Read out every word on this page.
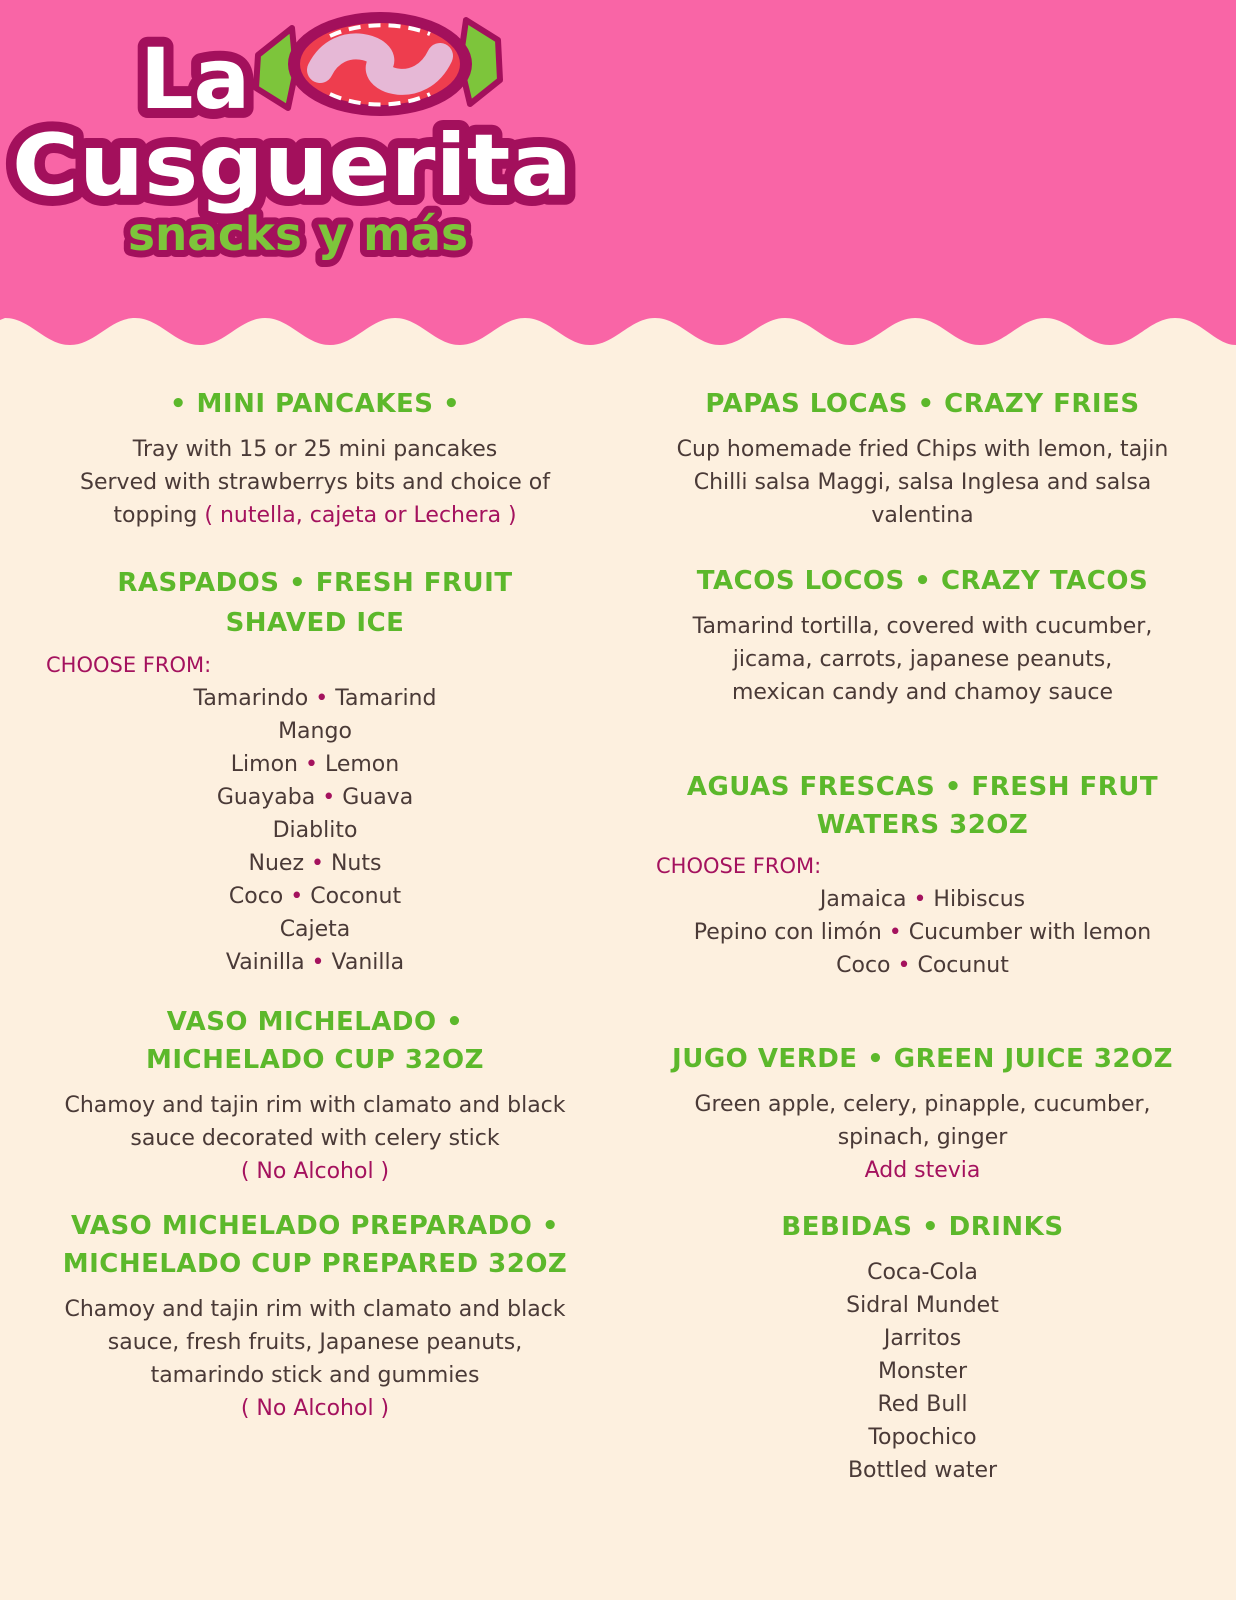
La
Cusguerita
snacks y más

• MINI PANCAKES •

Tray with 15 or 25 mini pancakes
Served with strawberrys bits and choice of
topping ( nutella, cajeta or Lechera )

RASPADOS • FRESH FRUIT
SHAVED ICE

CHOOSE FROM:
Tamarindo • Tamarind
Mango
Limon • Lemon
Guayaba • Guava
Diablito
Nuez • Nuts
Coco • Coconut
Cajeta
Vainilla • Vanilla

VASO MICHELADO •
MICHELADO CUP 32OZ

Chamoy and tajin rim with clamato and black
sauce decorated with celery stick
( No Alcohol )

VASO MICHELADO PREPARADO •
MICHELADO CUP PREPARED 32OZ

Chamoy and tajin rim with clamato and black
sauce, fresh fruits, Japanese peanuts,
tamarindo stick and gummies
( No Alcohol )

PAPAS LOCAS • CRAZY FRIES

Cup homemade fried Chips with lemon, tajin
Chilli salsa Maggi, salsa Inglesa and salsa
valentina

TACOS LOCOS • CRAZY TACOS

Tamarind tortilla, covered with cucumber,
jicama, carrots, japanese peanuts,
mexican candy and chamoy sauce

AGUAS FRESCAS • FRESH FRUT
WATERS 32OZ

CHOOSE FROM:
Jamaica • Hibiscus
Pepino con limón • Cucumber with lemon
Coco • Cocunut

JUGO VERDE • GREEN JUICE 32OZ

Green apple, celery, pinapple, cucumber,
spinach, ginger
Add stevia

BEBIDAS • DRINKS

Coca-Cola
Sidral Mundet
Jarritos
Monster
Red Bull
Topochico
Bottled water
